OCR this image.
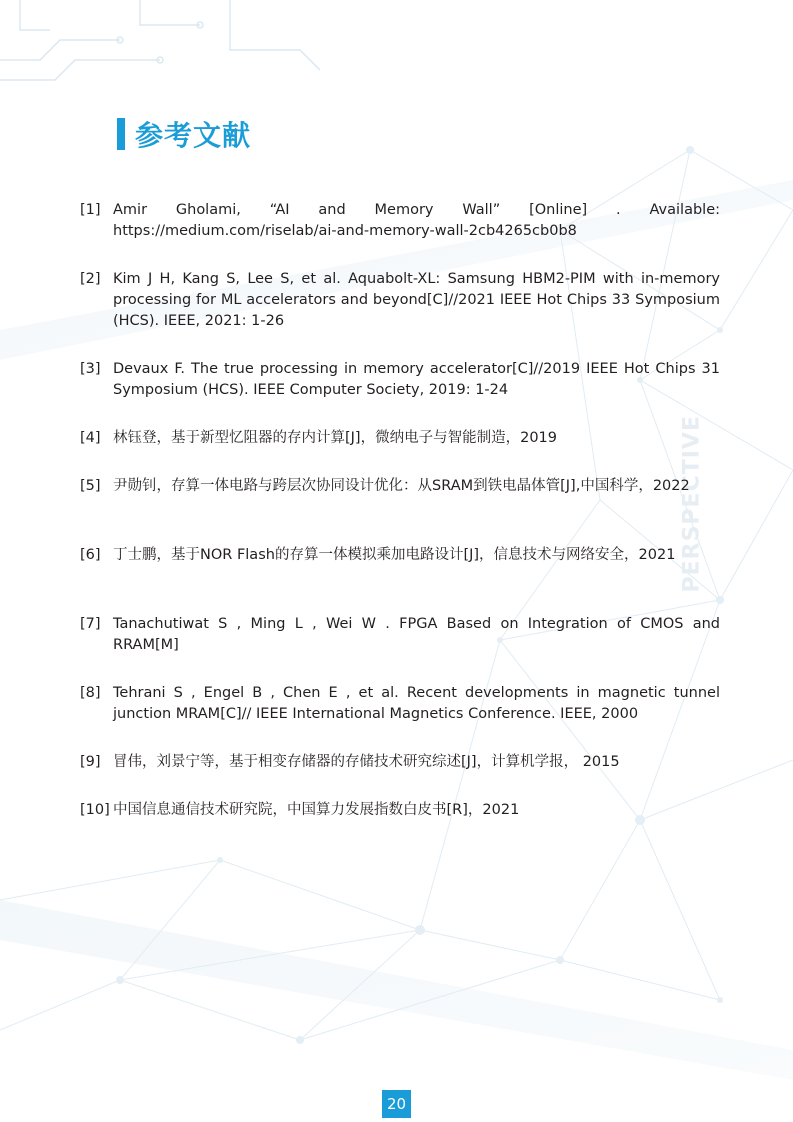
PERSPECTIVE
参考文献
[1] Amir Gholami, “AI and Memory Wall” [Online] . Available: https://medium.com/riselab/ai-and-memory-wall-2cb4265cb0b8
[2] Kim J H, Kang S, Lee S, et al. Aquabolt-XL: Samsung HBM2-PIM with in-memory processing for ML accelerators and beyond[C]//2021 IEEE Hot Chips 33 Symposium (HCS). IEEE, 2021: 1-26
[3] Devaux F. The true processing in memory accelerator[C]//2019 IEEE Hot Chips 31 Symposium (HCS). IEEE Computer Society, 2019: 1-24
[4] 林钰登，基于新型忆阻器的存内计算[J]，微纳电子与智能制造，2019
[5] 尹勋钊，存算一体电路与跨层次协同设计优化：从SRAM到铁电晶体管[J],中国科学，2022
[6] 丁士鹏，基于NOR Flash的存算一体模拟乘加电路设计[J]，信息技术与网络安全，2021
[7] Tanachutiwat S , Ming L , Wei W . FPGA Based on Integration of CMOS and RRAM[M]
[8] Tehrani S , Engel B , Chen E , et al. Recent developments in magnetic tunnel junction MRAM[C]// IEEE International Magnetics Conference. IEEE, 2000
[9] 冒伟，刘景宁等，基于相变存储器的存储技术研究综述[J]，计算机学报， 2015
[10] 中国信息通信技术研究院，中国算力发展指数白皮书[R]，2021
20
